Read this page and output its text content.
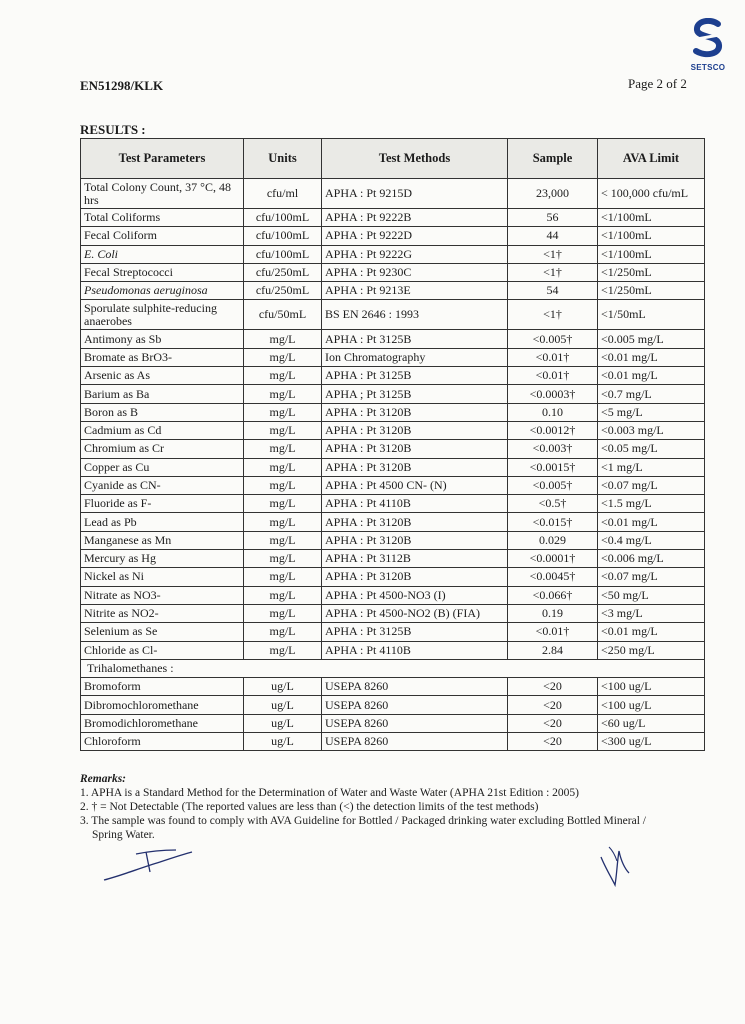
SETSCO
EN51298/KLK	Page 2 of 2
RESULTS :
Test Parameters	Units	Test Methods	Sample	AVA Limit
Total Colony Count, 37 °C, 48 hrs	cfu/ml	APHA : Pt 9215D	23,000	< 100,000 cfu/mL
Total Coliforms	cfu/100mL	APHA : Pt 9222B	56	<1/100mL
Fecal Coliform	cfu/100mL	APHA : Pt 9222D	44	<1/100mL
E. Coli	cfu/100mL	APHA : Pt 9222G	<1†	<1/100mL
Fecal Streptococci	cfu/250mL	APHA : Pt 9230C	<1†	<1/250mL
Pseudomonas aeruginosa	cfu/250mL	APHA : Pt 9213E	54	<1/250mL
Sporulate sulphite-reducing anaerobes	cfu/50mL	BS EN 2646 : 1993	<1†	<1/50mL
Antimony as Sb	mg/L	APHA : Pt 3125B	<0.005†	<0.005 mg/L
Bromate as BrO3-	mg/L	Ion Chromatography	<0.01†	<0.01 mg/L
Arsenic as As	mg/L	APHA : Pt 3125B	<0.01†	<0.01 mg/L
Barium as Ba	mg/L	APHA ; Pt 3125B	<0.0003†	<0.7 mg/L
Boron as B	mg/L	APHA : Pt 3120B	0.10	<5 mg/L
Cadmium as Cd	mg/L	APHA : Pt 3120B	<0.0012†	<0.003 mg/L
Chromium as Cr	mg/L	APHA : Pt 3120B	<0.003†	<0.05 mg/L
Copper as Cu	mg/L	APHA : Pt 3120B	<0.0015†	<1 mg/L
Cyanide as CN-	mg/L	APHA : Pt 4500 CN- (N)	<0.005†	<0.07 mg/L
Fluoride as F-	mg/L	APHA : Pt 4110B	<0.5†	<1.5 mg/L
Lead as Pb	mg/L	APHA : Pt 3120B	<0.015†	<0.01 mg/L
Manganese as Mn	mg/L	APHA : Pt 3120B	0.029	<0.4 mg/L
Mercury as Hg	mg/L	APHA : Pt 3112B	<0.0001†	<0.006 mg/L
Nickel as Ni	mg/L	APHA : Pt 3120B	<0.0045†	<0.07 mg/L
Nitrate as NO3-	mg/L	APHA : Pt 4500-NO3 (I)	<0.066†	<50 mg/L
Nitrite as NO2-	mg/L	APHA : Pt 4500-NO2 (B) (FIA)	0.19	<3 mg/L
Selenium as Se	mg/L	APHA : Pt 3125B	<0.01†	<0.01 mg/L
Chloride as Cl-	mg/L	APHA : Pt 4110B	2.84	<250 mg/L
Trihalomethanes :				
Bromoform	ug/L	USEPA 8260	<20	<100 ug/L
Dibromochloromethane	ug/L	USEPA 8260	<20	<100 ug/L
Bromodichloromethane	ug/L	USEPA 8260	<20	<60 ug/L
Chloroform	ug/L	USEPA 8260	<20	<300 ug/L
Remarks:

1. APHA is a Standard Method for the Determination of Water and Waste Water (APHA 21st Edition : 2005)

2. † = Not Detectable (The reported values are less than (<) the detection limits of the test methods)

3. The sample was found to comply with AVA Guideline for Bottled / Packaged drinking water excluding Bottled Mineral /

Spring Water.
